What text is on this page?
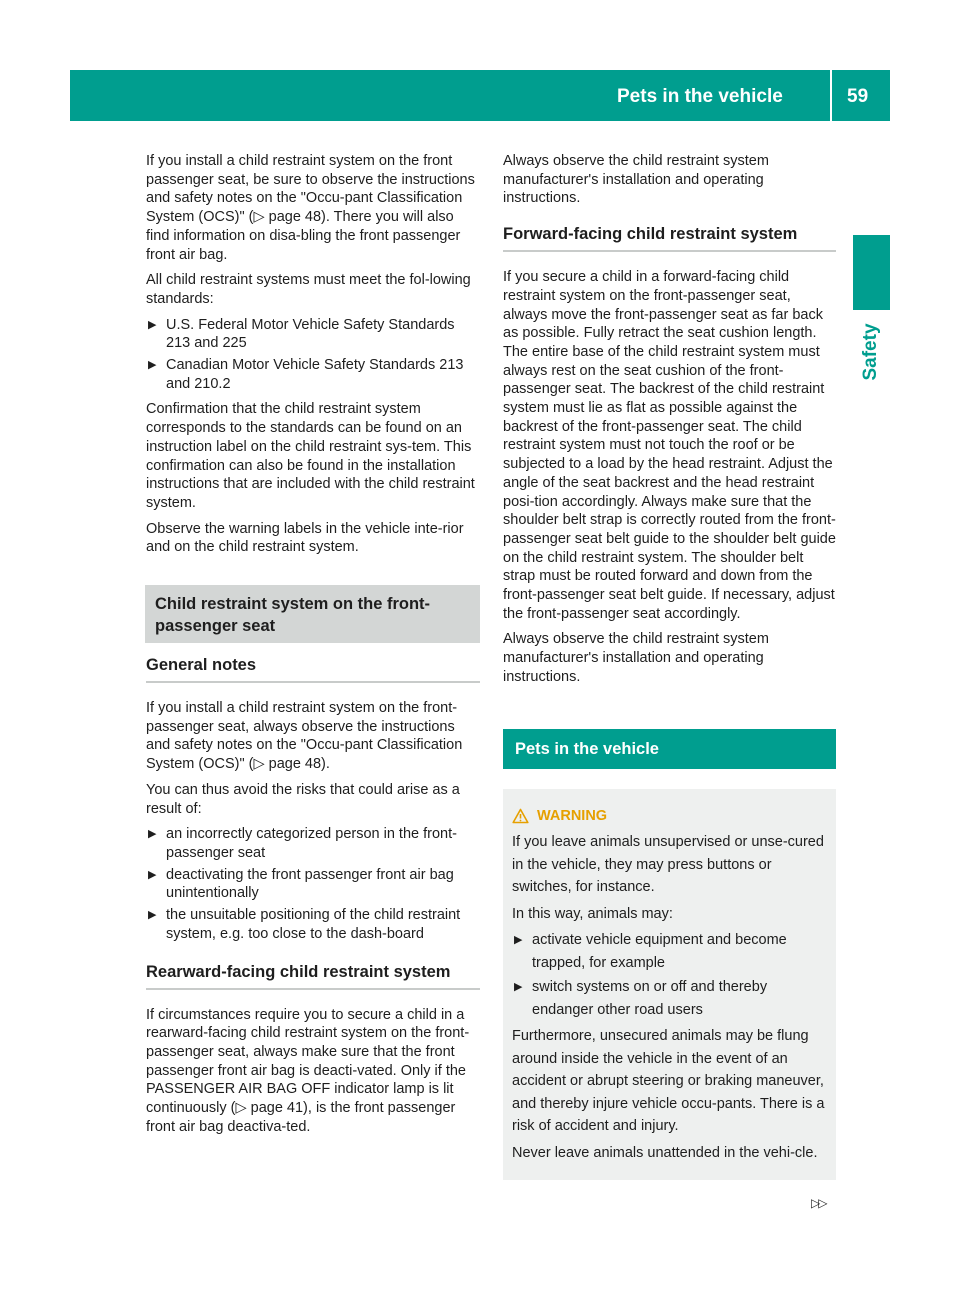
Pets in the vehicle	59
Safety

If you install a child restraint system on the front passenger seat, be sure to observe the instructions and safety notes on the "Occu-pant Classification System (OCS)" (▷ page 48). There you will also find information on disa-bling the front passenger front air bag.

All child restraint systems must meet the fol-lowing standards:

▶ U.S. Federal Motor Vehicle Safety Standards 213 and 225
▶ Canadian Motor Vehicle Safety Standards 213 and 210.2

Confirmation that the child restraint system corresponds to the standards can be found on an instruction label on the child restraint sys-tem. This confirmation can also be found in the installation instructions that are included with the child restraint system.

Observe the warning labels in the vehicle inte-rior and on the child restraint system.

Child restraint system on the front-passenger seat
General notes

If you install a child restraint system on the front-passenger seat, always observe the instructions and safety notes on the "Occu-pant Classification System (OCS)" (▷ page 48).

You can thus avoid the risks that could arise as a result of:

▶ an incorrectly categorized person in the front-passenger seat
▶ deactivating the front passenger front air bag unintentionally
▶ the unsuitable positioning of the child restraint system, e.g. too close to the dash-board
Rearward-facing child restraint system

If circumstances require you to secure a child in a rearward-facing child restraint system on the front-passenger seat, always make sure that the front passenger front air bag is deacti-vated. Only if the PASSENGER AIR BAG OFF indicator lamp is lit continuously (▷ page 41), is the front passenger front air bag deactiva-ted.

Always observe the child restraint system manufacturer's installation and operating instructions.

Forward-facing child restraint system

If you secure a child in a forward-facing child restraint system on the front-passenger seat, always move the front-passenger seat as far back as possible. Fully retract the seat cushion length. The entire base of the child restraint system must always rest on the seat cushion of the front-passenger seat. The backrest of the child restraint system must lie as flat as possible against the backrest of the front-passenger seat. The child restraint system must not touch the roof or be subjected to a load by the head restraint. Adjust the angle of the seat backrest and the head restraint posi-tion accordingly. Always make sure that the shoulder belt strap is correctly routed from the front-passenger seat belt guide to the shoulder belt guide on the child restraint system. The shoulder belt strap must be routed forward and down from the front-passenger seat belt guide. If necessary, adjust the front-passenger seat accordingly.

Always observe the child restraint system manufacturer's installation and operating instructions.

Pets in the vehicle
WARNING

If you leave animals unsupervised or unse-cured in the vehicle, they may press buttons or switches, for instance.

In this way, animals may:

▶ activate vehicle equipment and become trapped, for example
▶ switch systems on or off and thereby endanger other road users

Furthermore, unsecured animals may be flung around inside the vehicle in the event of an accident or abrupt steering or braking maneuver, and thereby injure vehicle occu-pants. There is a risk of accident and injury.

Never leave animals unattended in the vehi-cle.

▷▷
